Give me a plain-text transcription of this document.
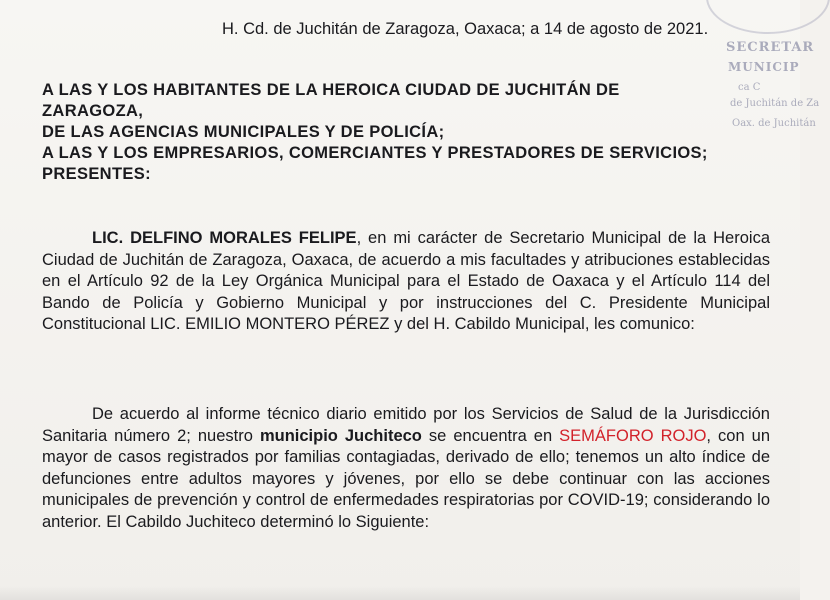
SECRETAR
MUNICIP
ca C
de Juchitán de Za
Oax. de Juchitán
H. Cd. de Juchitán de Zaragoza, Oaxaca; a 14 de agosto de 2021.
A LAS Y LOS HABITANTES DE LA HEROICA CIUDAD DE JUCHITÁN DE
ZARAGOZA,
DE LAS AGENCIAS MUNICIPALES Y DE POLICÍA;
A LAS Y LOS EMPRESARIOS, COMERCIANTES Y PRESTADORES DE SERVICIOS;
PRESENTES:
LIC. DELFINO MORALES FELIPE, en mi carácter de Secretario Municipal de la Heroica Ciudad de Juchitán de Zaragoza, Oaxaca, de acuerdo a mis facultades y atribuciones establecidas en el Artículo 92 de la Ley Orgánica Municipal para el Estado de Oaxaca y el Artículo 114 del Bando de Policía y Gobierno Municipal y por instrucciones del C. Presidente Municipal Constitucional LIC. EMILIO MONTERO PÉREZ y del H. Cabildo Municipal, les comunico:
De acuerdo al informe técnico diario emitido por los Servicios de Salud de la Jurisdicción Sanitaria número 2; nuestro municipio Juchiteco se encuentra en SEMÁFORO ROJO, con un mayor de casos registrados por familias contagiadas, derivado de ello; tenemos un alto índice de defunciones entre adultos mayores y jóvenes, por ello se debe continuar con las acciones municipales de prevención y control de enfermedades respiratorias por COVID-19; considerando lo anterior. El Cabildo Juchiteco determinó lo Siguiente:
